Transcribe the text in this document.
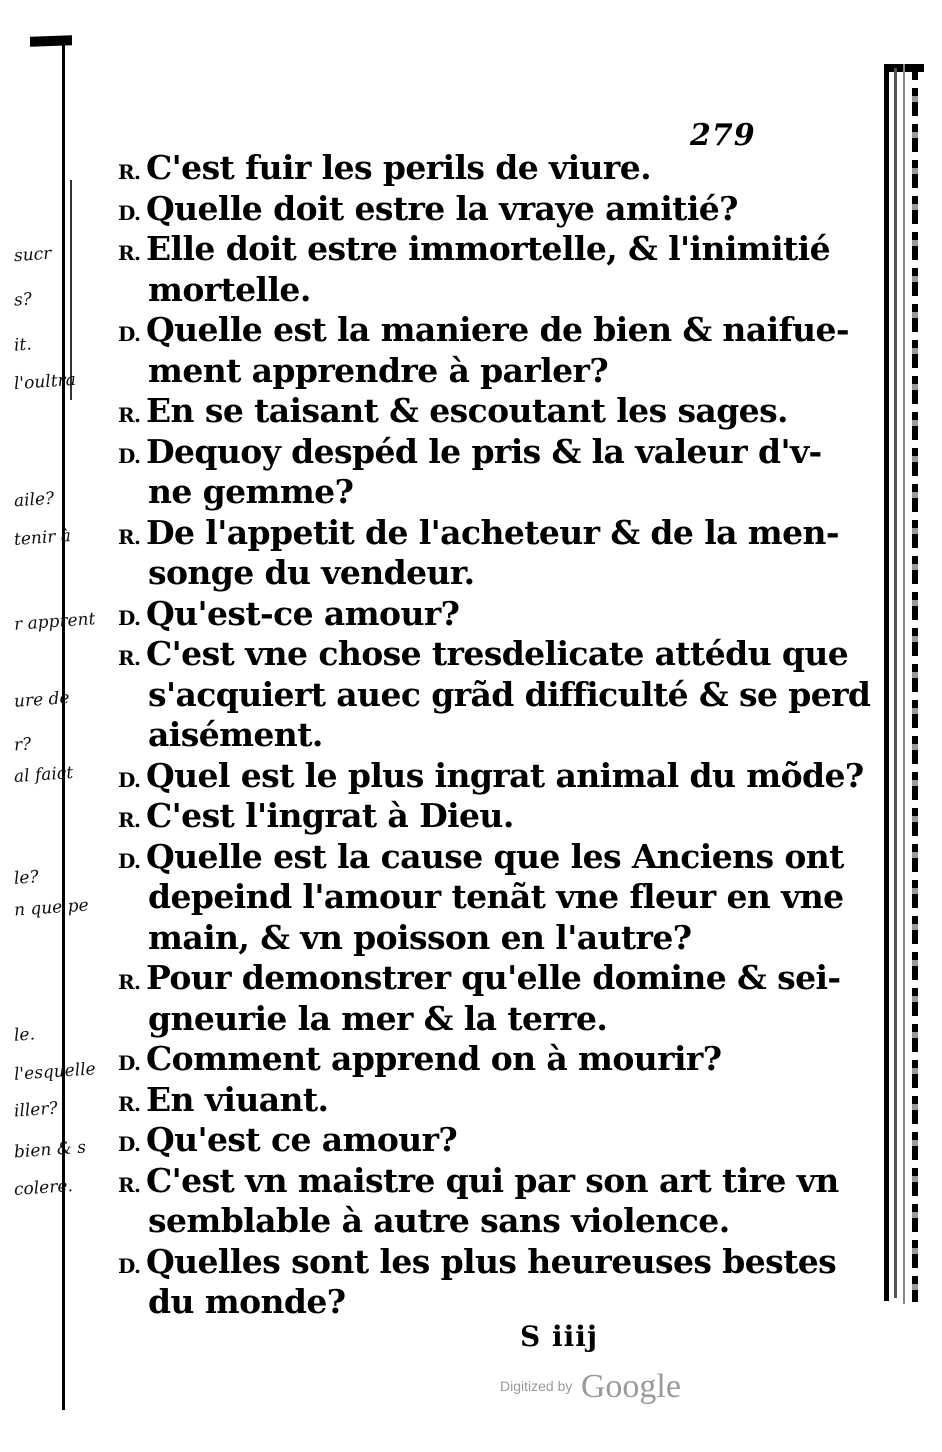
sucr
s?
it.
l'oultra
aile?
tenir à
r apprent
ure de
r?
al faict
le?
n que pe
le.
l'esquelle
iller?
bien & s
colere.
279
R. C'est fuir les perils de viure.
D. Quelle doit estre la vraye amitié?
R. Elle doit estre immortelle, & l'inimitié
mortelle.
D. Quelle est la maniere de bien & naifue-
ment apprendre à parler?
R. En se taisant & escoutant les sages.
D. Dequoy despéd le pris & la valeur d'v-
ne gemme?
R. De l'appetit de l'acheteur & de la men-
songe du vendeur.
D. Qu'est-ce amour?
R. C'est vne chose tresdelicate attédu que
s'acquiert auec grãd difficulté & se perd
aisément.
D. Quel est le plus ingrat animal du mõde?
R. C'est l'ingrat à Dieu.
D. Quelle est la cause que les Anciens ont
depeind l'amour tenãt vne fleur en vne
main, & vn poisson en l'autre?
R. Pour demonstrer qu'elle domine & sei-
gneurie la mer & la terre.
D. Comment apprend on à mourir?
R. En viuant.
D. Qu'est ce amour?
R. C'est vn maistre qui par son art tire vn
semblable à autre sans violence.
D. Quelles sont les plus heureuses bestes
du monde?
S iiij
Digitized by Google
